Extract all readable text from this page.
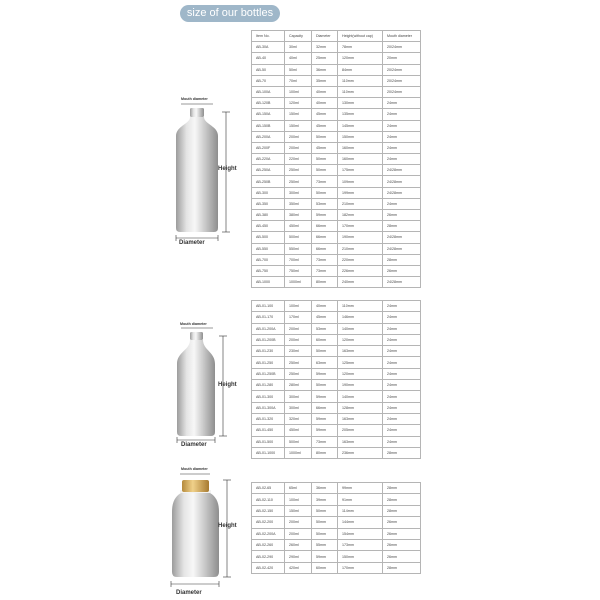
size of our bottles
Mouth diameter
Height
Diameter
Mouth diameter
Height
Diameter
Mouth diameter
Height
Diameter
Item No.	Capacity	Diameter	Height(without cap)	Mouth diameter
AB-30A	30ml	32mm	78mm	20/24mm
AB-40	40ml	25mm	120mm	20mm
AB-50	50ml	36mm	84mm	20/24mm
AB-70	70ml	35mm	110mm	20/24mm
AB-100A	100ml	40mm	110mm	20/24mm
AB-120B	120ml	40mm	130mm	24mm
AB-150A	150ml	45mm	135mm	24mm
AB-150B	150ml	45mm	145mm	24mm
AB-200A	200ml	50mm	150mm	24mm
AB-200F	200ml	45mm	160mm	24mm
AB-220A	220ml	50mm	160mm	24mm
AB-250A	250ml	50mm	175mm	24/28mm
AB-250B	250ml	73mm	109mm	24/28mm
AB-300	300ml	50mm	199mm	24/28mm
AB-350	350ml	53mm	210mm	24mm
AB-380	380ml	59mm	182mm	26mm
AB-450	450ml	66mm	170mm	28mm
AB-500	500ml	66mm	190mm	24/28mm
AB-550	550ml	66mm	210mm	24/28mm
AB-700	700ml	73mm	220mm	28mm
AB-750	750ml	73mm	226mm	26mm
AB-1000	1000ml	80mm	240mm	24/28mm
AB-01-100	100ml	40mm	110mm	24mm
AB-01-170	170ml	45mm	146mm	24mm
AB-01-200A	200ml	53mm	140mm	24mm
AB-01-200B	200ml	60mm	120mm	24mm
AB-01-230	230ml	50mm	163mm	24mm
AB-01-250	250ml	63mm	125mm	24mm
AB-01-250B	250ml	59mm	120mm	24mm
AB-01-280	280ml	50mm	190mm	24mm
AB-01-300	300ml	59mm	140mm	24mm
AB-01-300A	300ml	66mm	128mm	24mm
AB-01-320	320ml	59mm	163mm	24mm
AB-01-450	450ml	59mm	205mm	24mm
AB-01-500	500ml	73mm	163mm	24mm
AB-01-1000	1000ml	80mm	236mm	28mm
AB-02-65	65ml	36mm	99mm	28mm
AB-02-110	100ml	39mm	91mm	28mm
AB-02-150	150ml	50mm	114mm	28mm
AB-02-200	200ml	50mm	144mm	26mm
AB-02-200A	200ml	50mm	154mm	26mm
AB-02-260	260ml	55mm	173mm	26mm
AB-02-290	290ml	59mm	150mm	26mm
AB-02-420	420ml	60mm	170mm	28mm
